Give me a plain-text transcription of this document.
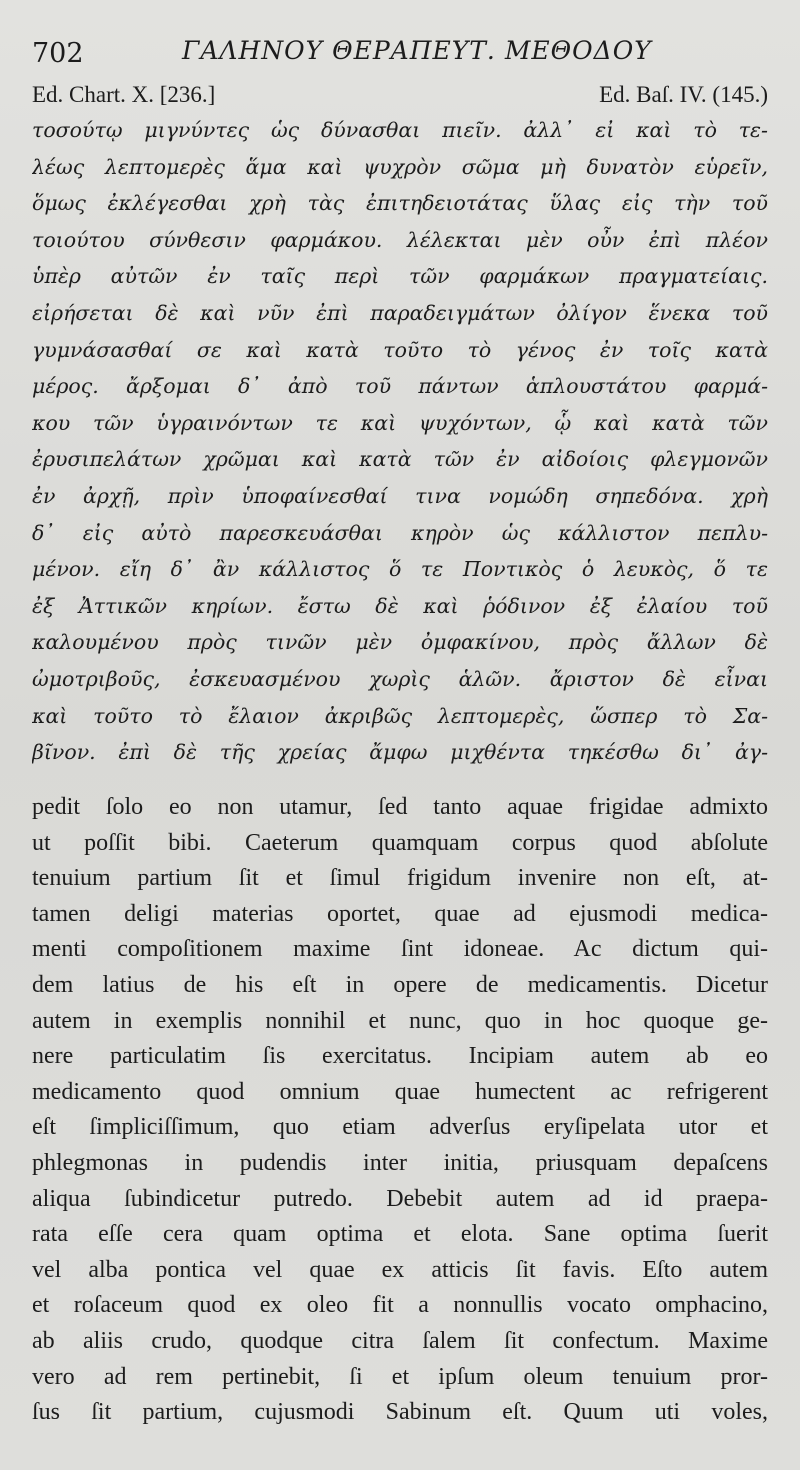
702	ΓΑΛΗΝΟΥ ΘΕΡΑΠΕΥΤ. ΜΕΘΟΔΟΥ
Ed. Chart. X. [236.]	Ed. Baſ. IV. (145.)
τοσούτῳ μιγνύντες ὡς δύνασθαι πιεῖν. ἀλλ᾽ εἰ καὶ τὸ τε-
λέως λεπτομερὲς ἅμα καὶ ψυχρὸν σῶμα μὴ δυνατὸν εὑρεῖν,
ὅμως ἐκλέγεσθαι χρὴ τὰς ἐπιτηδειοτάτας ὕλας εἰς τὴν τοῦ
τοιούτου σύνθεσιν φαρμάκου. λέλεκται μὲν οὖν ἐπὶ πλέον
ὑπὲρ αὐτῶν ἐν ταῖς περὶ τῶν φαρμάκων πραγματείαις.
εἰρήσεται δὲ καὶ νῦν ἐπὶ παραδειγμάτων ὀλίγον ἕνεκα τοῦ
γυμνάσασθαί σε καὶ κατὰ τοῦτο τὸ γένος ἐν τοῖς κατὰ
μέρος. ἄρξομαι δ᾽ ἀπὸ τοῦ πάντων ἁπλουστάτου φαρμά-
κου τῶν ὑγραινόντων τε καὶ ψυχόντων, ᾧ καὶ κατὰ τῶν
ἐρυσιπελάτων χρῶμαι καὶ κατὰ τῶν ἐν αἰδοίοις φλεγμονῶν
ἐν ἀρχῇ, πρὶν ὑποφαίνεσθαί τινα νομώδη σηπεδόνα. χρὴ
δ᾽ εἰς αὐτὸ παρεσκευάσθαι κηρὸν ὡς κάλλιστον πεπλυ-
μένον. εἴη δ᾽ ἂν κάλλιστος ὅ τε Ποντικὸς ὁ λευκὸς, ὅ τε
ἐξ Ἀττικῶν κηρίων. ἔστω δὲ καὶ ῥόδινον ἐξ ἐλαίου τοῦ
καλουμένου πρὸς τινῶν μὲν ὀμφακίνου, πρὸς ἄλλων δὲ
ὠμοτριβοῦς, ἐσκευασμένου χωρὶς ἁλῶν. ἄριστον δὲ εἶναι
καὶ τοῦτο τὸ ἔλαιον ἀκριβῶς λεπτομερὲς, ὥσπερ τὸ Σα-
βῖνον. ἐπὶ δὲ τῆς χρείας ἄμφω μιχθέντα τηκέσθω δι᾽ ἀγ-
pedit ſolo eo non utamur, ſed tanto aquae frigidae admixto
ut poſſit bibi. Caeterum quamquam corpus quod abſolute
tenuium partium ſit et ſimul frigidum invenire non eſt, at-
tamen deligi materias oportet, quae ad ejusmodi medica-
menti compoſitionem maxime ſint idoneae. Ac dictum qui-
dem latius de his eſt in opere de medicamentis. Dicetur
autem in exemplis nonnihil et nunc, quo in hoc quoque ge-
nere particulatim ſis exercitatus. Incipiam autem ab eo
medicamento quod omnium quae humectent ac refrigerent
eſt ſimpliciſſimum, quo etiam adverſus eryſipelata utor et
phlegmonas in pudendis inter initia, priusquam depaſcens
aliqua ſubindicetur putredo. Debebit autem ad id praepa-
rata eſſe cera quam optima et elota. Sane optima ſuerit
vel alba pontica vel quae ex atticis ſit favis. Eſto autem
et roſaceum quod ex oleo fit a nonnullis vocato omphacino,
ab aliis crudo, quodque citra ſalem ſit confectum. Maxime
vero ad rem pertinebit, ſi et ipſum oleum tenuium pror-
ſus ſit partium, cujusmodi Sabinum eſt. Quum uti voles,
